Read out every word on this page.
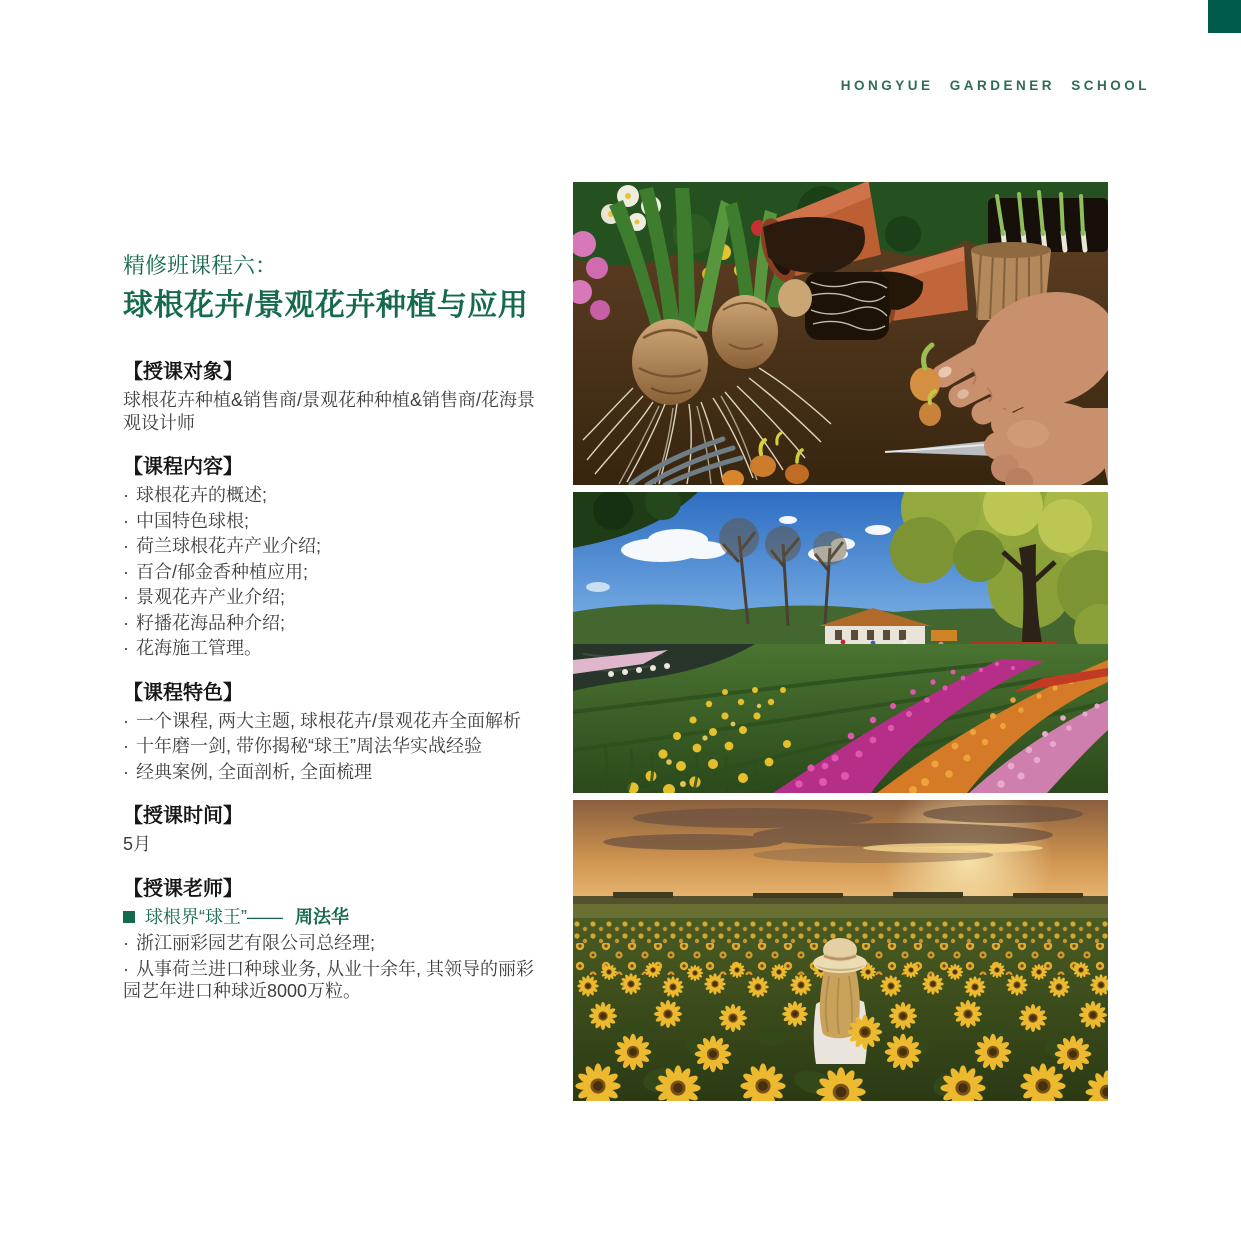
HONGYUE GARDENER SCHOOL
精修班课程六：
球根花卉/景观花卉种植与应用
【授课对象】

球根花卉种植&销售商/景观花种种植&销售商/花海景观设计师

【课程内容】
· 球根花卉的概述;
· 中国特色球根;
· 荷兰球根花卉产业介绍;
· 百合/郁金香种植应用;
· 景观花卉产业介绍;
· 籽播花海品种介绍;
· 花海施工管理。
【课程特色】
· 一个课程, 两大主题, 球根花卉/景观花卉全面解析
· 十年磨一剑, 带你揭秘“球王”周法华实战经验
· 经典案例, 全面剖析, 全面梳理
【授课时间】

5月

【授课老师】
球根界“球王”—— 周法华
· 浙江丽彩园艺有限公司总经理;
· 从事荷兰进口种球业务, 从业十余年, 其领导的丽彩园艺年进口种球近8000万粒。
